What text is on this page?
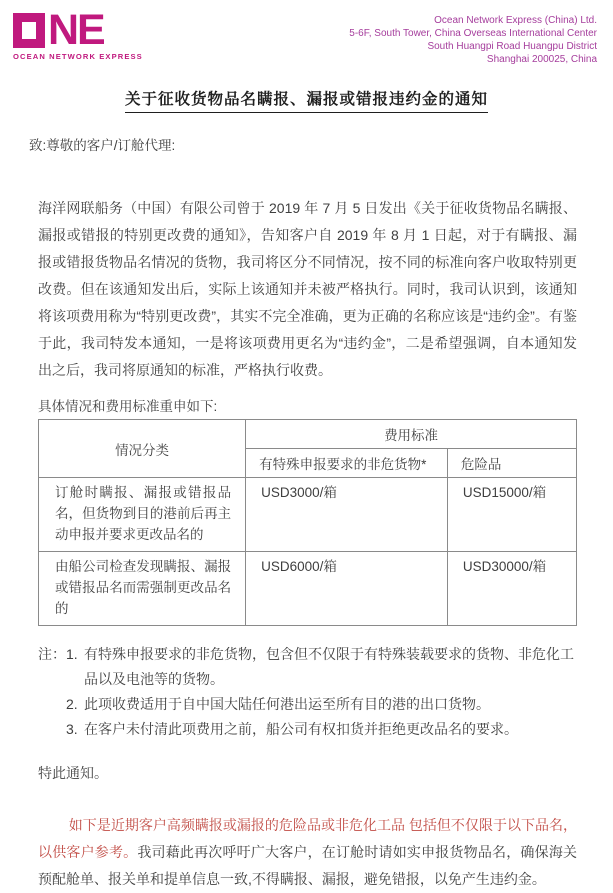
NE
OCEAN NETWORK EXPRESS
Ocean Network Express (China) Ltd.
5-6F, South Tower, China Overseas International Center
South Huangpi Road Huangpu District
Shanghai 200025, China
关于征收货物品名瞒报、漏报或错报违约金的通知
致:尊敬的客户/订舱代理:

海洋网联船务（中国）有限公司曾于 2019 年 7 月 5 日发出《关于征收货物品名瞒报、漏报或错报的特别更改费的通知》，告知客户自 2019 年 8 月 1 日起，对于有瞒报、漏报或错报货物品名情况的货物，我司将区分不同情况，按不同的标准向客户收取特别更改费。但在该通知发出后，实际上该通知并未被严格执行。同时，我司认识到，该通知将该项费用称为“特别更改费”，其实不完全准确，更为正确的名称应该是“违约金”。有鉴于此，我司特发本通知，一是将该项费用更名为“违约金”，二是希望强调，自本通知发出之后，我司将原通知的标准，严格执行收费。

具体情况和费用标准重申如下:
情况分类	费用标准	
	有特殊申报要求的非危货物*	危险品
订舱时瞒报、漏报或错报品名，但货物到目的港前后再主动申报并要求更改品名的	USD3000/箱	USD15000/箱
由船公司检查发现瞒报、漏报或错报品名而需强制更改品名的	USD6000/箱	USD30000/箱
注： 1. 有特殊申报要求的非危货物，包含但不仅限于有特殊装载要求的货物、非危化工品以及电池等的货物。
2. 此项收费适用于自中国大陆任何港出运至所有目的港的出口货物。
3. 在客户未付清此项费用之前，船公司有权扣货并拒绝更改品名的要求。
特此通知。

如下是近期客户高频瞒报或漏报的危险品或非危化工品 包括但不仅限于以下品名，以供客户参考。我司藉此再次呼吁广大客户，在订舱时请如实申报货物品名，确保海关预配舱单、报关单和提单信息一致,不得瞒报、漏报，避免错报，以免产生违约金。
